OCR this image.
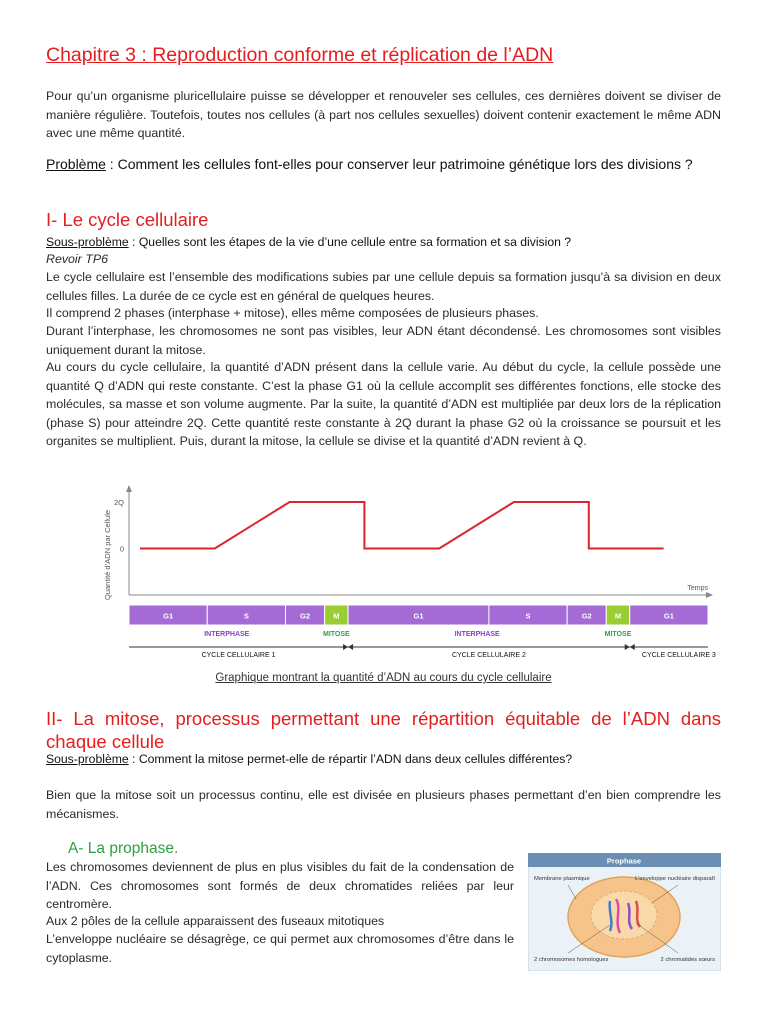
Chapitre 3 : Reproduction conforme et réplication de l’ADN

Pour qu’un organisme pluricellulaire puisse se développer et renouveler ses cellules, ces dernières doivent se diviser de manière régulière. Toutefois, toutes nos cellules (à part nos cellules sexuelles) doivent contenir exactement le même ADN avec une même quantité.

Problème : Comment les cellules font-elles pour conserver leur patrimoine génétique lors des divisions ?

I- Le cycle cellulaire

Sous-problème : Quelles sont les étapes de la vie d’une cellule entre sa formation et sa division ?

Revoir TP6

Le cycle cellulaire est l’ensemble des modifications subies par une cellule depuis sa formation jusqu’à sa division en deux cellules filles. La durée de ce cycle est en général de quelques heures.

Il comprend 2 phases (interphase + mitose), elles même composées de plusieurs phases.

Durant l’interphase, les chromosomes ne sont pas visibles, leur ADN étant décondensé. Les chromosomes sont visibles uniquement durant la mitose.

Au cours du cycle cellulaire, la quantité d’ADN présent dans la cellule varie. Au début du cycle, la cellule possède une quantité Q d’ADN qui reste constante. C’est la phase G1 où la cellule accomplit ses différentes fonctions, elle stocke des molécules, sa masse et son volume augmente. Par la suite, la quantité d’ADN est multipliée par deux lors de la réplication (phase S) pour atteindre 2Q. Cette quantité reste constante à 2Q durant la phase G2 où la croissance se poursuit et les organites se multiplient. Puis, durant la mitose, la cellule se divise et la quantité d’ADN revient à Q.

0
2Q
Quantité d’ADN par Cellule	Temps
G1	S	G2	M	G1	S	G2	M	G1
INTERPHASE	MITOSE	INTERPHASE	MITOSE
CYCLE CELLULAIRE 1	CYCLE CELLULAIRE 2	CYCLE CELLULAIRE 3
Graphique montrant la quantité d’ADN au cours du cycle cellulaire
II- La mitose, processus permettant une répartition équitable de l’ADN dans chaque cellule

Sous-problème : Comment la mitose permet-elle de répartir l’ADN dans deux cellules différentes?

Bien que la mitose soit un processus continu, elle est divisée en plusieurs phases permettant d’en bien comprendre les mécanismes.

A- La prophase.

Les chromosomes deviennent de plus en plus visibles du fait de la condensation de l’ADN. Ces chromosomes sont formés de deux chromatides reliées par leur centromère.

Aux 2 pôles de la cellule apparaissent des fuseaux mitotiques

L’enveloppe nucléaire se désagrège, ce qui permet aux chromosomes d’être dans le cytoplasme.

Prophase
Membrane plasmique	L’enveloppe nucléaire disparaît
2 chromosomes homologues	2 chromatides sœurs
